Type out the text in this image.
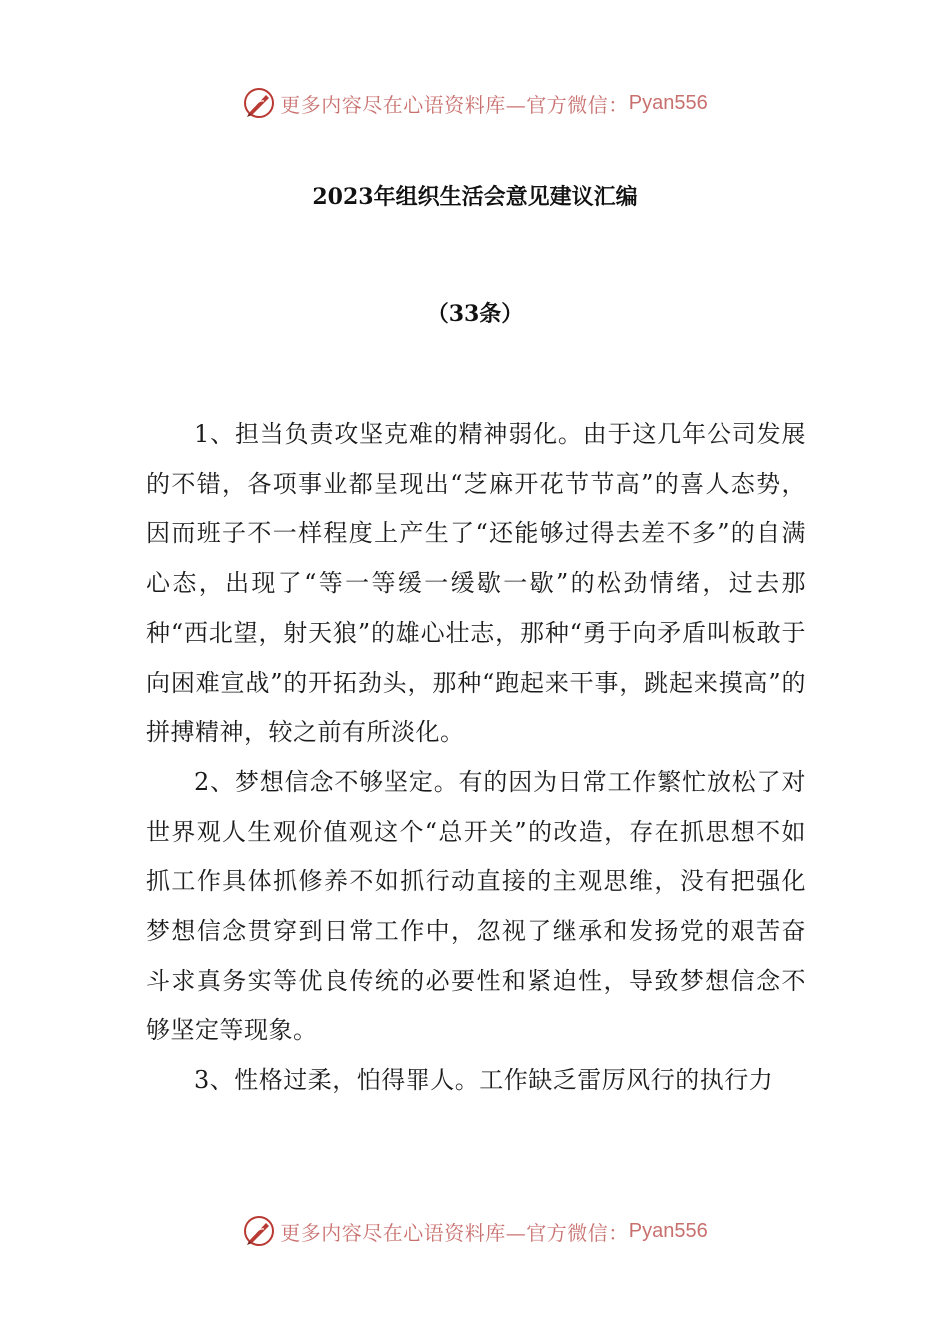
更多内容尽在心语资料库—官方微信： Pyan556
2023年组织生活会意见建议汇编
（33条）

1、担当负责攻坚克难的精神弱化。由于这几年公司发展的不错，各项事业都呈现出“芝麻开花节节高”的喜人态势，因而班子不一样程度上产生了“还能够过得去差不多”的自满心态，出现了“等一等缓一缓歇一歇”的松劲情绪，过去那种“西北望，射天狼”的雄心壮志，那种“勇于向矛盾叫板敢于向困难宣战”的开拓劲头，那种“跑起来干事，跳起来摸高”的拼搏精神，较之前有所淡化。

2、梦想信念不够坚定。有的因为日常工作繁忙放松了对世界观人生观价值观这个“总开关”的改造，存在抓思想不如抓工作具体抓修养不如抓行动直接的主观思维，没有把强化梦想信念贯穿到日常工作中，忽视了继承和发扬党的艰苦奋斗求真务实等优良传统的必要性和紧迫性，导致梦想信念不够坚定等现象。

3、性格过柔，怕得罪人。工作缺乏雷厉风行的执行力

更多内容尽在心语资料库—官方微信： Pyan556
